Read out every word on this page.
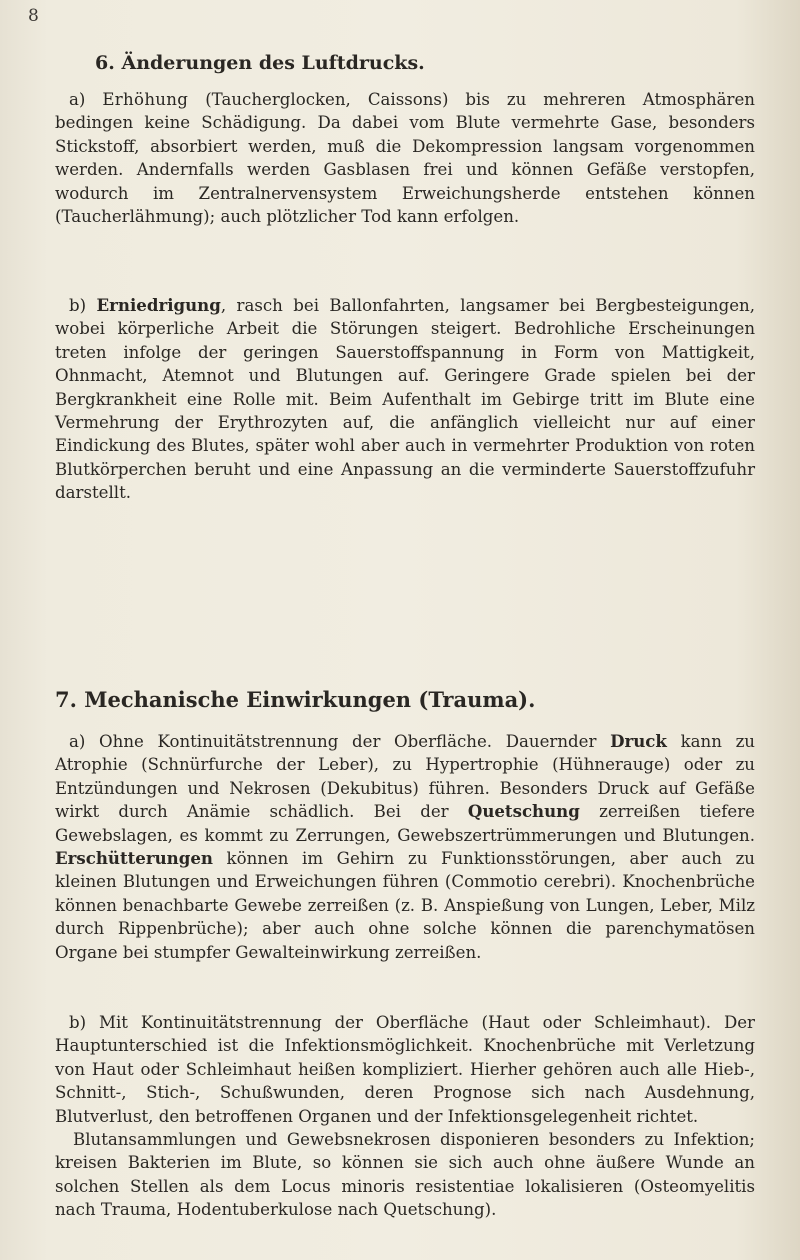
8
6. Änderungen des Luftdrucks.

a) Erhöhung (Taucherglocken, Caissons) bis zu mehreren Atmosphären bedingen keine Schädigung. Da dabei vom Blute vermehrte Gase, besonders Stickstoff, absorbiert werden, muß die Dekompression langsam vorgenommen werden. Andernfalls werden Gasblasen frei und können Gefäße verstopfen, wodurch im Zentralnervensystem Erweichungsherde entstehen können (Taucherlähmung); auch plötzlicher Tod kann erfolgen.

b) Erniedrigung, rasch bei Ballonfahrten, langsamer bei Bergbesteigungen, wobei körperliche Arbeit die Störungen steigert. Bedrohliche Erscheinungen treten infolge der geringen Sauerstoffspannung in Form von Mattigkeit, Ohnmacht, Atemnot und Blutungen auf. Geringere Grade spielen bei der Bergkrankheit eine Rolle mit. Beim Aufenthalt im Gebirge tritt im Blute eine Vermehrung der Erythrozyten auf, die anfänglich vielleicht nur auf einer Eindickung des Blutes, später wohl aber auch in vermehrter Produktion von roten Blutkörperchen beruht und eine Anpassung an die verminderte Sauerstoffzufuhr darstellt.

7. Mechanische Einwirkungen (Trauma).

a) Ohne Kontinuitätstrennung der Oberfläche. Dauernder Druck kann zu Atrophie (Schnürfurche der Leber), zu Hypertrophie (Hühnerauge) oder zu Entzündungen und Nekrosen (Dekubitus) führen. Besonders Druck auf Gefäße wirkt durch Anämie schädlich. Bei der Quetschung zerreißen tiefere Gewebslagen, es kommt zu Zerrungen, Gewebszertrümmerungen und Blutungen. Erschütterungen können im Gehirn zu Funktionsstörungen, aber auch zu kleinen Blutungen und Erweichungen führen (Commotio cerebri). Knochenbrüche können benachbarte Gewebe zerreißen (z. B. Anspießung von Lungen, Leber, Milz durch Rippenbrüche); aber auch ohne solche können die parenchymatösen Organe bei stumpfer Gewalteinwirkung zerreißen.

b) Mit Kontinuitätstrennung der Oberfläche (Haut oder Schleimhaut). Der Hauptunterschied ist die Infektionsmöglichkeit. Knochenbrüche mit Verletzung von Haut oder Schleimhaut heißen kompliziert. Hierher gehören auch alle Hieb-, Schnitt-, Stich-, Schußwunden, deren Prognose sich nach Ausdehnung, Blutverlust, den betroffenen Organen und der Infektionsgelegenheit richtet.

Blutansammlungen und Gewebsnekrosen disponieren besonders zu Infektion; kreisen Bakterien im Blute, so können sie sich auch ohne äußere Wunde an solchen Stellen als dem Locus minoris resistentiae lokalisieren (Osteomyelitis nach Trauma, Hodentuberkulose nach Quetschung).
